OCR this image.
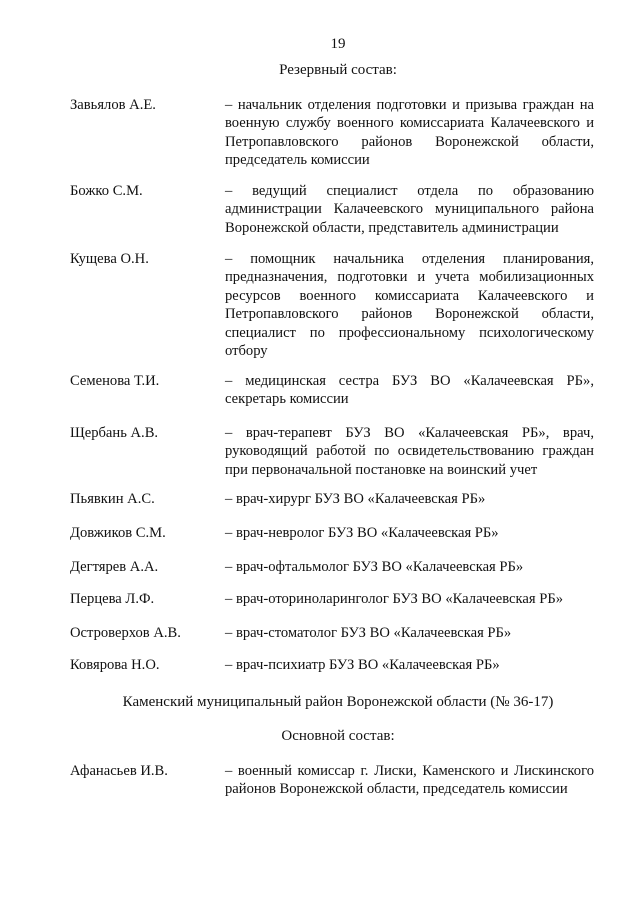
19
Резервный состав:
Завьялов А.Е.	– начальник отделения подготовки и призыва граждан на военную службу военного комиссариата Калачеевского и Петропавловского районов Воронежской области, председатель комиссии
Божко С.М.	– ведущий специалист отдела по образованию администрации Калачеевского муниципального района Воронежской области, представитель администрации
Кущева О.Н.	– помощник начальника отделения планирования, предназначения, подготовки и учета мобилизационных ресурсов военного комиссариата Калачеевского и Петропавловского районов Воронежской области, специалист по профессиональному психологическому отбору
Семенова Т.И.	– медицинская сестра БУЗ ВО «Калачеевская РБ», секретарь комиссии
Щербань А.В.	– врач-терапевт БУЗ ВО «Калачеевская РБ», врач, руководящий работой по освидетельствованию граждан при первоначальной постановке на воинский учет
Пьявкин А.С.	– врач-хирург БУЗ ВО «Калачеевская РБ»
Довжиков С.М.	– врач-невролог БУЗ ВО «Калачеевская РБ»
Дегтярев А.А.	– врач-офтальмолог БУЗ ВО «Калачеевская РБ»
Перцева Л.Ф.	– врач-оториноларинголог БУЗ ВО «Калачеевская РБ»
Островерхов А.В.	– врач-стоматолог БУЗ ВО «Калачеевская РБ»
Ковярова Н.О.	– врач-психиатр БУЗ ВО «Калачеевская РБ»
Каменский муниципальный район Воронежской области (№ 36-17)
Основной состав:
Афанасьев И.В.	– военный комиссар г. Лиски, Каменского и Лискинского районов Воронежской области, председатель комиссии
